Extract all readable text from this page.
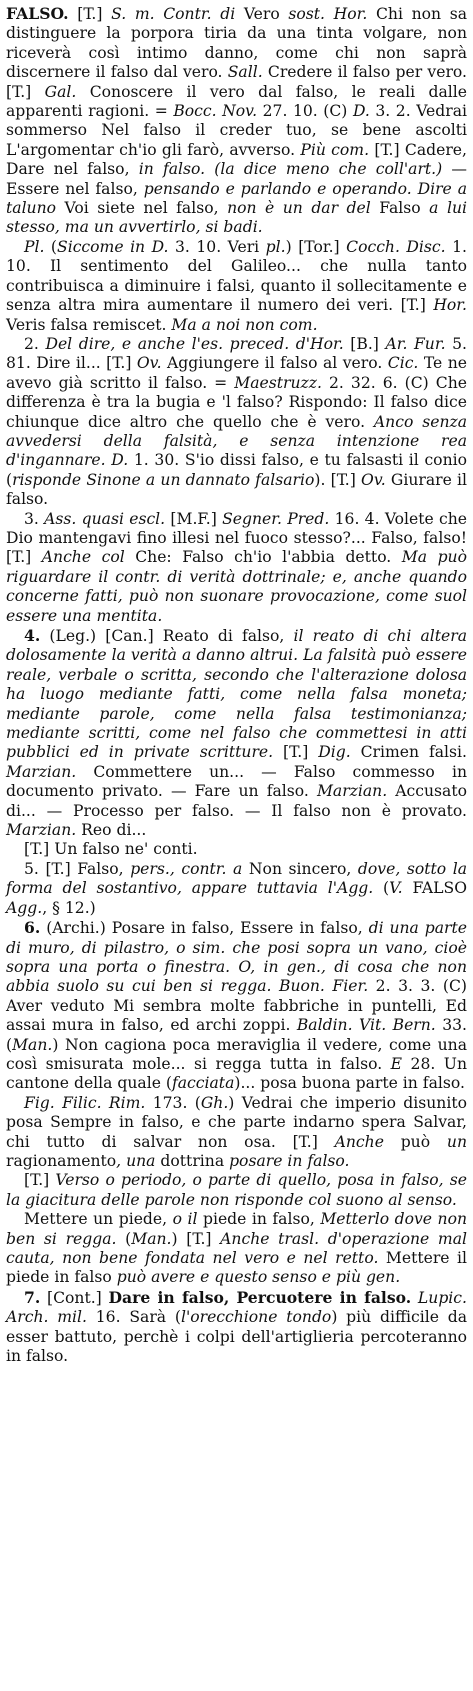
FALSO. [T.] S. m. Contr. di Vero sost. Hor. Chi non sa distinguere la porpora tiria da una tinta volgare, non riceverà così intimo danno, come chi non saprà discernere il falso dal vero. Sall. Credere il falso per vero. [T.] Gal. Conoscere il vero dal falso, le reali dalle apparenti ragioni. = Bocc. Nov. 27. 10. (C) D. 3. 2. Vedrai sommerso Nel falso il creder tuo, se bene ascolti L'argomentar ch'io gli farò, avverso. Più com. [T.] Cadere, Dare nel falso, in falso. (la dice meno che coll'art.) — Essere nel falso, pensando e parlando e operando. Dire a taluno Voi siete nel falso, non è un dar del Falso a lui stesso, ma un avvertirlo, si badi.
Pl. (Siccome in D. 3. 10. Veri pl.) [Tor.] Cocch. Disc. 1. 10. Il sentimento del Galileo... che nulla tanto contribuisca a diminuire i falsi, quanto il sollecitamente e senza altra mira aumentare il numero dei veri. [T.] Hor. Veris falsa remiscet. Ma a noi non com.
2. Del dire, e anche l'es. preced. d'Hor. [B.] Ar. Fur. 5. 81. Dire il... [T.] Ov. Aggiungere il falso al vero. Cic. Te ne avevo già scritto il falso. = Maestruzz. 2. 32. 6. (C) Che differenza è tra la bugia e 'l falso? Rispondo: Il falso dice chiunque dice altro che quello che è vero. Anco senza avvedersi della falsità, e senza intenzione rea d'ingannare. D. 1. 30. S'io dissi falso, e tu falsasti il conio (risponde Sinone a un dannato falsario). [T.] Ov. Giurare il falso.
3. Ass. quasi escl. [M.F.] Segner. Pred. 16. 4. Volete che Dio mantengavi fino illesi nel fuoco stesso?... Falso, falso! [T.] Anche col Che: Falso ch'io l'abbia detto. Ma può riguardare il contr. di verità dottrinale; e, anche quando concerne fatti, può non suonare provocazione, come suol essere una mentita.
4. (Leg.) [Can.] Reato di falso, il reato di chi altera dolosamente la verità a danno altrui. La falsità può essere reale, verbale o scritta, secondo che l'alterazione dolosa ha luogo mediante fatti, come nella falsa moneta; mediante parole, come nella falsa testimonianza; mediante scritti, come nel falso che commettesi in atti pubblici ed in private scritture. [T.] Dig. Crimen falsi. Marzian. Commettere un... — Falso commesso in documento privato. — Fare un falso. Marzian. Accusato di... — Processo per falso. — Il falso non è provato. Marzian. Reo di...
[T.] Un falso ne' conti.
5. [T.] Falso, pers., contr. a Non sincero, dove, sotto la forma del sostantivo, appare tuttavia l'Agg. (V. FALSO Agg., § 12.)
6. (Archi.) Posare in falso, Essere in falso, di una parte di muro, di pilastro, o sim. che posi sopra un vano, cioè sopra una porta o finestra. O, in gen., di cosa che non abbia suolo su cui ben si regga. Buon. Fier. 2. 3. 3. (C) Aver veduto Mi sembra molte fabbriche in puntelli, Ed assai mura in falso, ed archi zoppi. Baldin. Vit. Bern. 33. (Man.) Non cagiona poca meraviglia il vedere, come una così smisurata mole... si regga tutta in falso. E 28. Un cantone della quale (facciata)... posa buona parte in falso.
Fig. Filic. Rim. 173. (Gh.) Vedrai che imperio disunito posa Sempre in falso, e che parte indarno spera Salvar, chi tutto di salvar non osa. [T.] Anche può un ragionamento, una dottrina posare in falso.
[T.] Verso o periodo, o parte di quello, posa in falso, se la giacitura delle parole non risponde col suono al senso.
Mettere un piede, o il piede in falso, Metterlo dove non ben si regga. (Man.) [T.] Anche trasl. d'operazione mal cauta, non bene fondata nel vero e nel retto. Mettere il piede in falso può avere e questo senso e più gen.
7. [Cont.] Dare in falso, Percuotere in falso. Lupic. Arch. mil. 16. Sarà (l'orecchione tondo) più difficile da esser battuto, perchè i colpi dell'artiglieria percoteranno in falso.
